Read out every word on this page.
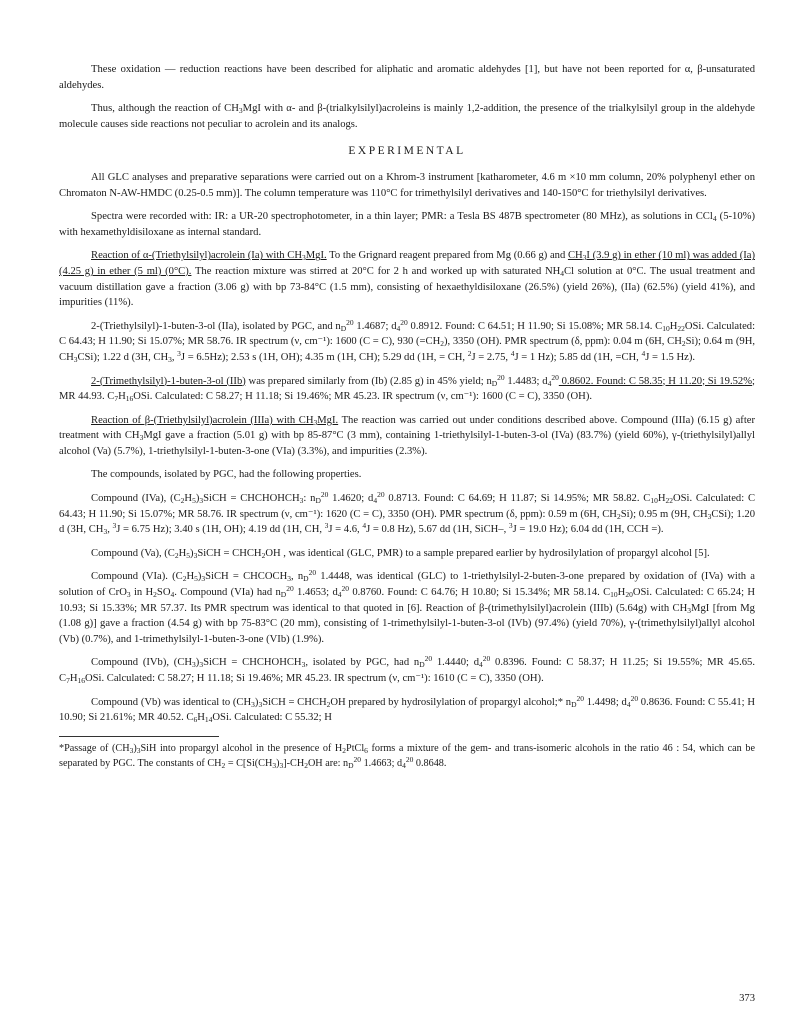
These oxidation — reduction reactions have been described for aliphatic and aromatic aldehydes [1], but have not been reported for α, β-unsaturated aldehydes.

Thus, although the reaction of $CH_3MgI$ with α- and β-(trialkylsilyl)acroleins is mainly 1,2-addition, the presence of the trialkylsilyl group in the aldehyde molecule causes side reactions not peculiar to acrolein and its analogs.

EXPERIMENTAL

All GLC analyses and preparative separations were carried out on a Khrom-3 instrument [katharometer, 4.6 m ×10 mm column, 20% polyphenyl ether on Chromaton N-AW-HMDC (0.25-0.5 mm)]. The column temperature was 110°C for trimethylsilyl derivatives and 140-150°C for triethylsilyl derivatives.

Spectra were recorded with: IR: a UR-20 spectrophotometer, in a thin layer; PMR: a Tesla BS 487B spectrometer (80 MHz), as solutions in CCl$_4$ (5-10%) with hexamethyldisiloxane as internal standard.

Reaction of α-(Triethylsilyl)acrolein (Ia) with $CH_3MgI$. To the Grignard reagent prepared from Mg (0.66 g) and $CH_3I$ (3.9 g) in ether (10 ml) was added (Ia) (4.25 g) in ether (5 ml) (0°C). The reaction mixture was stirred at 20°C for 2 h and worked up with saturated $NH_4Cl$ solution at 0°C. The usual treatment and vacuum distillation gave a fraction (3.06 g) with bp 73-84°C (1.5 mm), consisting of hexaethyldisiloxane (26.5%) (yield 26%), (IIa) (62.5%) (yield 41%), and impurities (11%).

2-(Triethylsilyl)-1-buten-3-ol (IIa), isolated by PGC, and $n_D^{20}$ 1.4687; $d_4^{20}$ 0.8912. Found: C 64.51; H 11.90; Si 15.08%; MR 58.14. $C_{10}H_{22}OSi$. Calculated: C 64.43; H 11.90; Si 15.07%; MR 58.76. IR spectrum (ν, cm⁻¹): 1600 (C = C), 930 $(=CH_2)$, 3350 (OH). PMR spectrum (δ, ppm): 0.04 m (6H, $CH_2Si$); 0.64 m (9H, $CH_3CSi$); 1.22 d (3H, $CH_3$, $^3$J = 6.5Hz); 2.53 s (1H, OH); 4.35 m (1H, CH); 5.29 dd (1H, = CH, $^2$J = 2.75, $^4$J = 1 Hz); 5.85 dd (1H, =CH, $^4$J = 1.5 Hz).

2-(Trimethylsilyl)-1-buten-3-ol (IIb) was prepared similarly from (Ib) (2.85 g) in 45% yield; $n_D^{20}$ 1.4483; $d_4^{20}$ 0.8602. Found: C 58.35; H 11.20; Si 19.52%; MR 44.93. $C_7H_{16}OSi$. Calculated: C 58.27; H 11.18; Si 19.46%; MR 45.23. IR spectrum (ν, cm⁻¹): 1600 (C = C), 3350 (OH).

Reaction of β-(Triethylsilyl)acrolein (IIIa) with $CH_3MgI$. The reaction was carried out under conditions described above. Compound (IIIa) (6.15 g) after treatment with $CH_3MgI$ gave a fraction (5.01 g) with bp 85-87°C (3 mm), containing 1-triethylsilyl-1-buten-3-ol (IVa) (83.7%) (yield 60%), γ-(triethylsilyl)allyl alcohol (Va) (5.7%), 1-triethylsilyl-1-buten-3-one (VIa) (3.3%), and impurities (2.3%).

The compounds, isolated by PGC, had the following properties.

Compound (IVa), $(C_2H_5)_3SiCH$ = $CHCHOHCH_3$: $n_D^{20}$ 1.4620; $d_4^{20}$ 0.8713. Found: C 64.69; H 11.87; Si 14.95%; MR 58.82. $C_{10}H_{22}OSi$. Calculated: C 64.43; H 11.90; Si 15.07%; MR 58.76. IR spectrum (ν, cm⁻¹): 1620 (C = C), 3350 (OH). PMR spectrum (δ, ppm): 0.59 m (6H, $CH_2Si$); 0.95 m (9H, $CH_3CSi$); 1.20 d (3H, $CH_3$, $^3$J = 6.75 Hz); 3.40 s (1H, OH); 4.19 dd (1H, CH, $^3$J = 4.6, $^4$J = 0.8 Hz), 5.67 dd (1H, SiCH–, $^3$J = 19.0 Hz); 6.04 dd (1H, CCH =).

Compound (Va), $(C_2H_5)_3SiCH$ = $CHCH_2OH$ , was identical (GLC, PMR) to a sample prepared earlier by hydrosilylation of propargyl alcohol [5].

Compound (VIa). $(C_2H_5)_3SiCH$ = $CHCOCH_3$, $n_D^{20}$ 1.4448, was identical (GLC) to 1-triethylsilyl-2-buten-3-one prepared by oxidation of (IVa) with a solution of CrO$_3$ in $H_2SO_4$. Compound (VIa) had $n_D^{20}$ 1.4653; $d_4^{20}$ 0.8760. Found: C 64.76; H 10.80; Si 15.34%; MR 58.14. $C_{10}H_{20}OSi$. Calculated: C 65.24; H 10.93; Si 15.33%; MR 57.37. Its PMR spectrum was identical to that quoted in [6]. Reaction of β-(trimethylsilyl)acrolein (IIIb) (5.64g) with $CH_3MgI$ [from Mg (1.08 g)] gave a fraction (4.54 g) with bp 75-83°C (20 mm), consisting of 1-trimethylsilyl-1-buten-3-ol (IVb) (97.4%) (yield 70%), γ-(trimethylsilyl)allyl alcohol (Vb) (0.7%), and 1-trimethylsilyl-1-buten-3-one (VIb) (1.9%).

Compound (IVb), $(CH_3)_3SiCH$ = $CHCHOHCH_3$, isolated by PGC, had $n_D^{20}$ 1.4440; $d_4^{20}$ 0.8396. Found: C 58.37; H 11.25; Si 19.55%; MR 45.65. $C_7H_{16}OSi$. Calculated: C 58.27; H 11.18; Si 19.46%; MR 45.23. IR spectrum (ν, cm⁻¹): 1610 (C = C), 3350 (OH).

Compound (Vb) was identical to $(CH_3)_3SiCH$ = $CHCH_2OH$ prepared by hydrosilylation of propargyl alcohol;* $n_D^{20}$ 1.4498; $d_4^{20}$ 0.8636. Found: C 55.41; H 10.90; Si 21.61%; MR 40.52. $C_6H_{14}OSi$. Calculated: C 55.32; H

*Passage of $(CH_3)_3SiH$ into propargyl alcohol in the presence of $H_2PtCl_6$ forms a mixture of the gem- and trans-isomeric alcohols in the ratio 46 : 54, which can be separated by PGC. The constants of $CH_2 = C[Si(CH_3)_3]-CH_2OH$ are: $n_D^{20}$ 1.4663; $d_4^{20}$ 0.8648.

373
